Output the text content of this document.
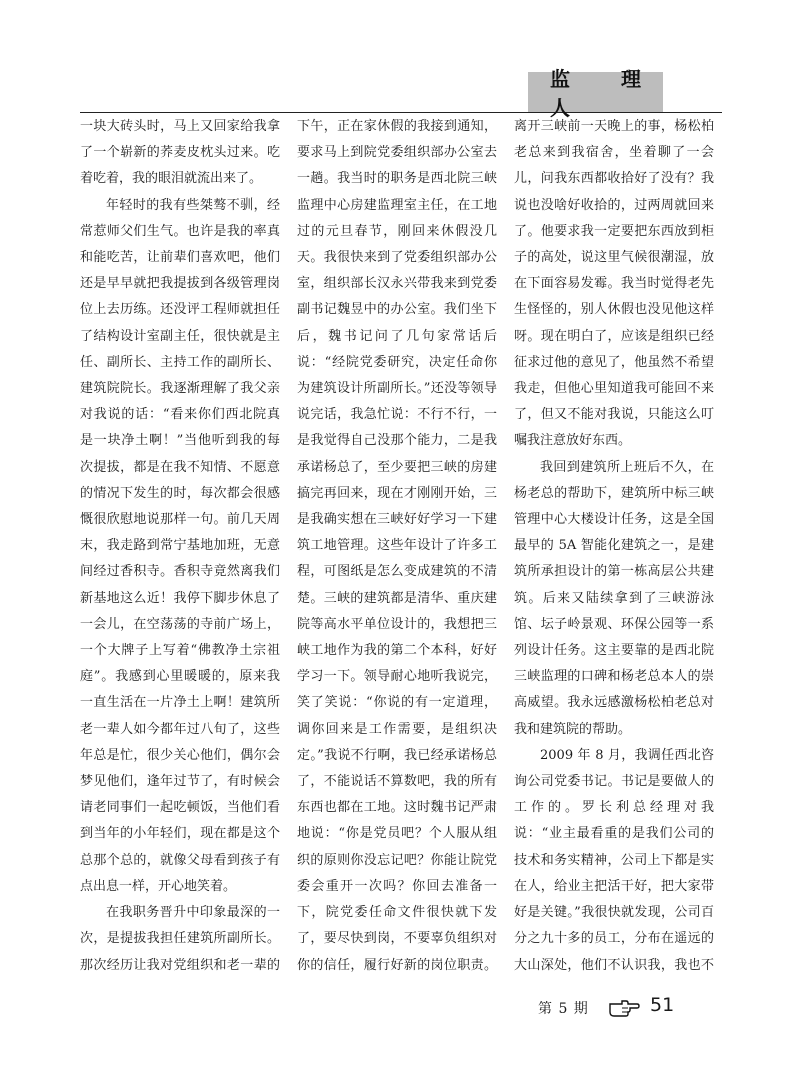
监 理 人

一块大砖头时，马上又回家给我拿了一个崭新的荞麦皮枕头过来。吃着吃着，我的眼泪就流出来了。

年轻时的我有些桀骜不驯，经常惹师父们生气。也许是我的率真和能吃苦，让前辈们喜欢吧，他们还是早早就把我提拔到各级管理岗位上去历练。还没评工程师就担任了结构设计室副主任，很快就是主任、副所长、主持工作的副所长、建筑院院长。我逐渐理解了我父亲对我说的话：“看来你们西北院真是一块净土啊！”当他听到我的每次提拔，都是在我不知情、不愿意的情况下发生的时，每次都会很感慨很欣慰地说那样一句。前几天周末，我走路到常宁基地加班，无意间经过香积寺。香积寺竟然离我们新基地这么近！我停下脚步休息了一会儿，在空荡荡的寺前广场上，一个大牌子上写着“佛教净土宗祖庭”。我感到心里暖暖的，原来我一直生活在一片净土上啊！建筑所老一辈人如今都年过八旬了，这些年总是忙，很少关心他们，偶尔会梦见他们，逢年过节了，有时候会请老同事们一起吃顿饭，当他们看到当年的小年轻们，现在都是这个总那个总的，就像父母看到孩子有点出息一样，开心地笑着。

在我职务晋升中印象最深的一次，是提拔我担任建筑所副所长。那次经历让我对党组织和老一辈的

下午，正在家休假的我接到通知，要求马上到院党委组织部办公室去一趟。我当时的职务是西北院三峡监理中心房建监理室主任，在工地过的元旦春节，刚回来休假没几天。我很快来到了党委组织部办公室，组织部长汉永兴带我来到党委副书记魏昱中的办公室。我们坐下后，魏书记问了几句家常话后说：“经院党委研究，决定任命你为建筑设计所副所长。”还没等领导说完话，我急忙说：不行不行，一是我觉得自己没那个能力，二是我承诺杨总了，至少要把三峡的房建搞完再回来，现在才刚刚开始，三是我确实想在三峡好好学习一下建筑工地管理。这些年设计了许多工程，可图纸是怎么变成建筑的不清楚。三峡的建筑都是清华、重庆建院等高水平单位设计的，我想把三峡工地作为我的第二个本科，好好学习一下。领导耐心地听我说完，笑了笑说：“你说的有一定道理，调你回来是工作需要，是组织决定。”我说不行啊，我已经承诺杨总了，不能说话不算数吧，我的所有东西也都在工地。这时魏书记严肃地说：“你是党员吧？个人服从组织的原则你没忘记吧？你能让院党委会重开一次吗？你回去准备一下，院党委任命文件很快就下发了，要尽快到岗，不要辜负组织对你的信任，履行好新的岗位职责。

离开三峡前一天晚上的事，杨松柏老总来到我宿舍，坐着聊了一会儿，问我东西都收拾好了没有？我说也没啥好收拾的，过两周就回来了。他要求我一定要把东西放到柜子的高处，说这里气候很潮湿，放在下面容易发霉。我当时觉得老先生怪怪的，别人休假也没见他这样呀。现在明白了，应该是组织已经征求过他的意见了，他虽然不希望我走，但他心里知道我可能回不来了，但又不能对我说，只能这么叮嘱我注意放好东西。

我回到建筑所上班后不久，在杨老总的帮助下，建筑所中标三峡管理中心大楼设计任务，这是全国最早的 5A 智能化建筑之一，是建筑所承担设计的第一栋高层公共建筑。后来又陆续拿到了三峡游泳馆、坛子岭景观、环保公园等一系列设计任务。这主要靠的是西北院三峡监理的口碑和杨老总本人的崇高威望。我永远感激杨松柏老总对我和建筑院的帮助。

2009 年 8 月，我调任西北咨询公司党委书记。书记是要做人的工作的。罗长利总经理对我说：“业主最看重的是我们公司的技术和务实精神，公司上下都是实在人，给业主把活干好，把大家带好是关键。”我很快就发现，公司百分之九十多的员工，分布在遥远的大山深处，他们不认识我，我也不

第 5 期	51
